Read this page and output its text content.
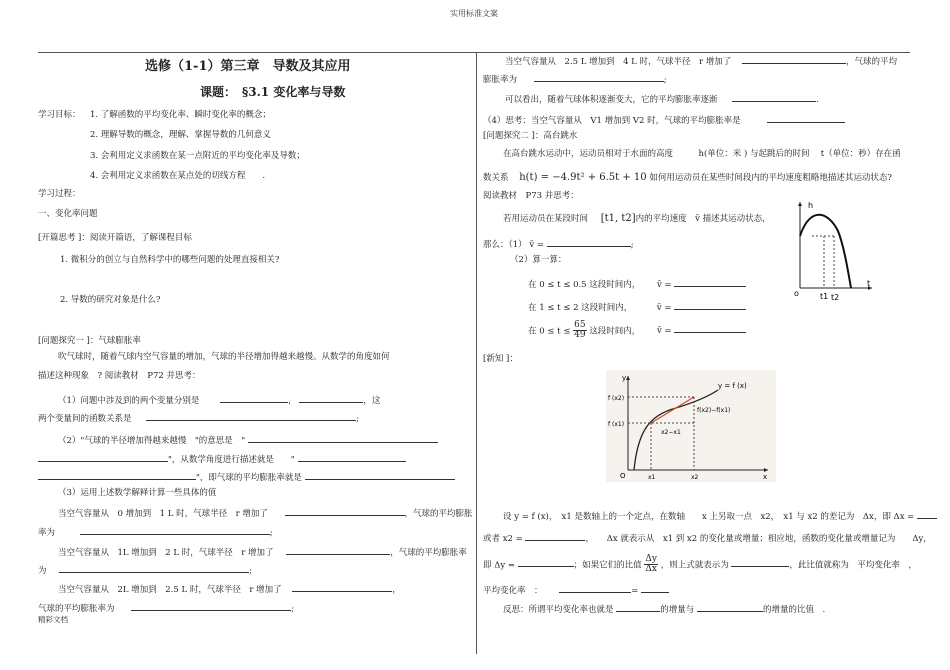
实用标准文案
选修（1-1）第三章　导数及其应用
课题：　§3.1 变化率与导数
学习目标： 1. 了解函数的平均变化率、瞬时变化率的概念；
2. 理解导数的概念，理解、掌握导数的几何意义
3. 会利用定义求函数在某一点附近的平均变化率及导数；
4. 会利用定义求函数在某点处的切线方程　　.
学习过程：
一、变化率问题
[开篇思考 ]：阅读开篇语，了解课程目标
1. 微积分的创立与自然科学中的哪些问题的处理直接相关?
2. 导数的研究对象是什么?
[问题探究一 ]：气球膨胀率
吹气球时，随着气球内空气容量的增加，气球的半径增加得越来越慢。从数学的角度如何
描述这种现象　? 阅读教材　P72 并思考：
（1）问题中涉及到的两个变量分别是	，	，这
两个变量间的函数关系是	;
（2）"气球的半径增加得越来越慢　"的意思是　"
"，从数学角度进行描述就是　　"
"，即气球的平均膨胀率就是
（3）运用上述数学解释计算一些具体的值
当空气容量从　0 增加到　1 L 时，气球半径　r 增加了	，气球的平均膨胀
率为	;
当空气容量从　1L 增加到　2 L 时，气球半径　r 增加了	，气球的平均膨胀率
为	;
当空气容量从　2L 增加到　2.5 L 时，气球半径　r 增加了	，
气球的平均膨胀率为	;
精彩文档
当空气容量从　2.5 L 增加到　4 L 时，气球半径　r 增加了	，气球的平均
膨胀率为	;
可以看出，随着气球体积逐渐变大，它的平均膨胀率逐渐	.
（4）思考：当空气容量从　V1 增加到 V2 时，气球的平均膨胀率是
[问题探究二 ]：高台跳水
在高台跳水运动中，运动员相对于水面的高度　　　h(单位：米 ) 与起跳后的时间　 t（单位：秒）存在函
数关系 h(t) = −4.9t² + 6.5t + 10 如何用运动员在某些时间段内的平均速度粗略地描述其运动状态?
阅读教材　P73 并思考：
若用运动员在某段时间 [t1, t2]内的平均速度　v̄ 描述其运动状态，
那么：（1） v̄ =	;
（2）算一算：
在 0 ≤ t ≤ 0.5 这段时间内， v̄ =
在 1 ≤ t ≤ 2 这段时间内，	v̄ =
在 $0 \le t \le \frac{65}{49}$ 这段时间内， v̄ =
h
t
o	t1 t2
[新知 ]：
y
x
O
y = f (x)
f (x2)
f (x1)
f(x2)−f(x1)
x2−x1
x1	x2
设 y = f (x)，　x1 是数轴上的一个定点，在数轴　　x 上另取一点　x2，　x1 与 x2 的差记为　Δx，即 Δx =
或者 x2 =	，　　Δx 就表示从　x1 到 x2 的变化量或增量；相应地，函数的变化量或增量记为　　Δy，
即 Δy =	；如果它们的比值 $\frac{\Delta y}{\Delta x}$ ，则上式就表示为	，此比值就称为　平均变化率　，
平均变化率　：	=
反思：所谓平均变化率也就是	的增量与	的增量的比值　.
